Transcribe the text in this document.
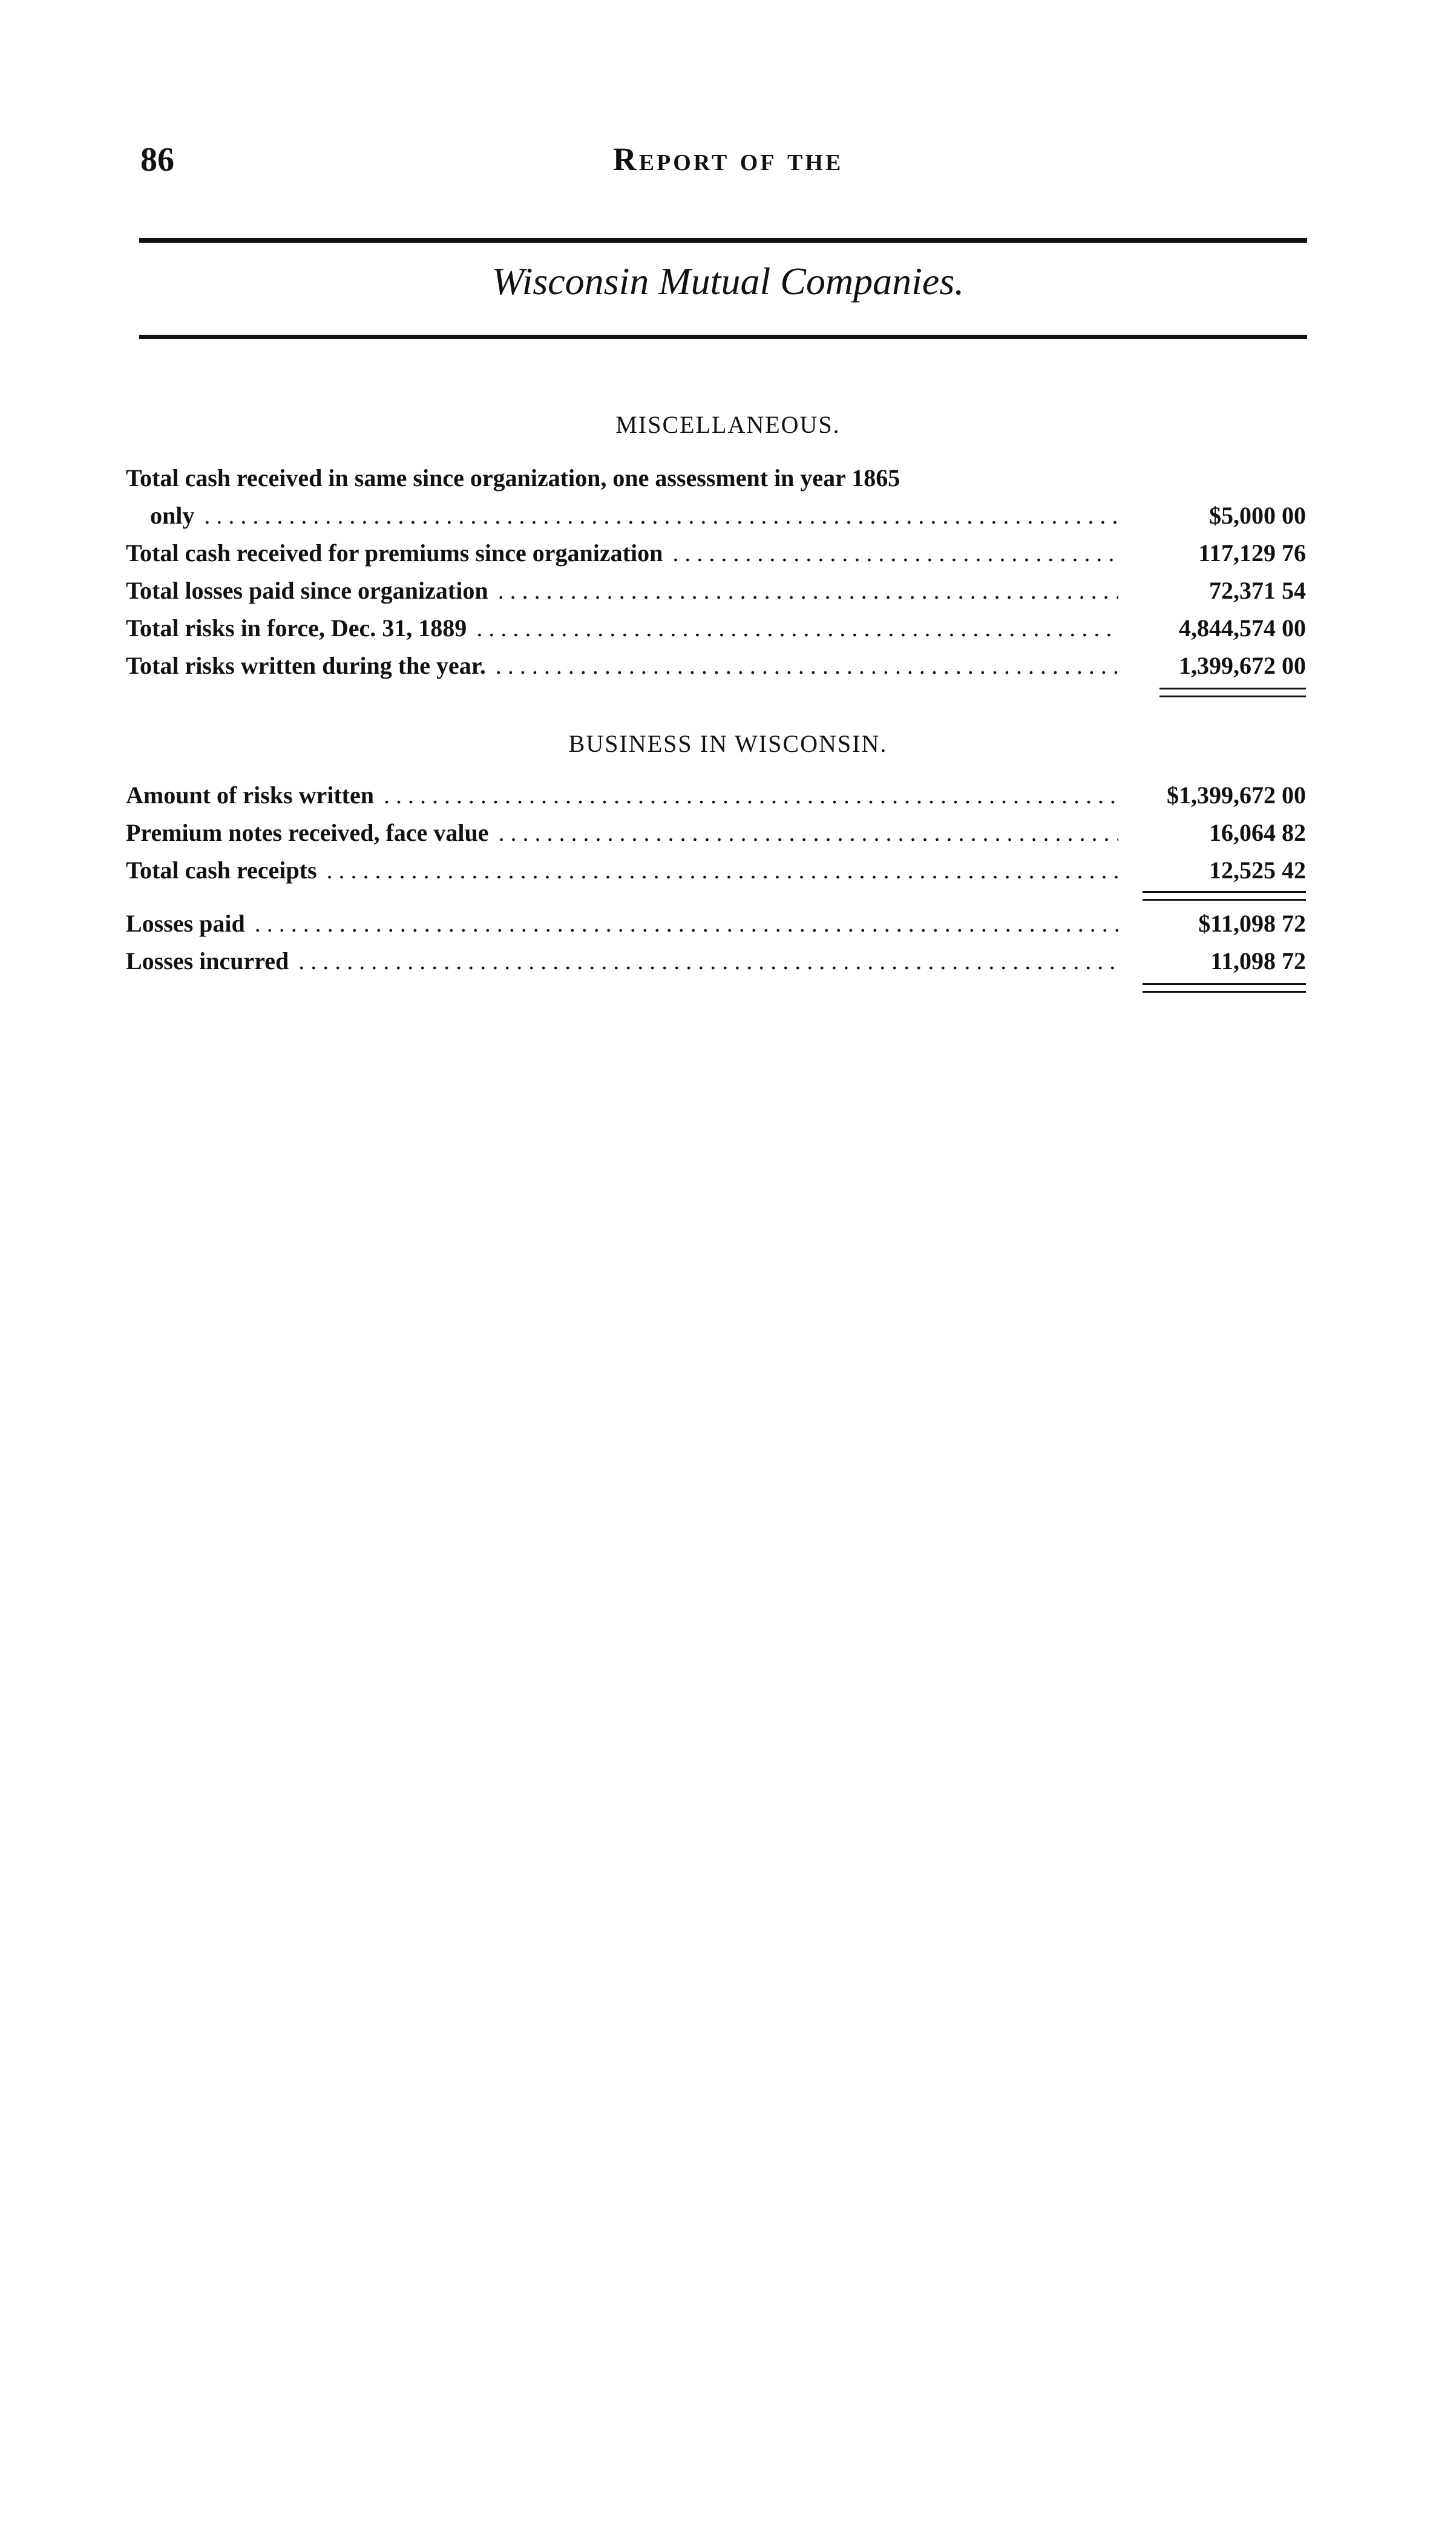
86	Report of the
Wisconsin Mutual Companies.
MISCELLANEOUS.
Total cash received in same since organization, one assessment in year 1865
only . . .	$5,000 00
Total cash received for premiums since organization . . .	117,129 76
Total losses paid since organization . . .	72,371 54
Total risks in force, Dec. 31, 1889 . . .	4,844,574 00
Total risks written during the year. . . .	1,399,672 00
BUSINESS IN WISCONSIN.
Amount of risks written . . .	$1,399,672 00
Premium notes received, face value . . .	16,064 82
Total cash receipts . . .	12,525 42
Losses paid . . .	$11,098 72
Losses incurred . . .	11,098 72
